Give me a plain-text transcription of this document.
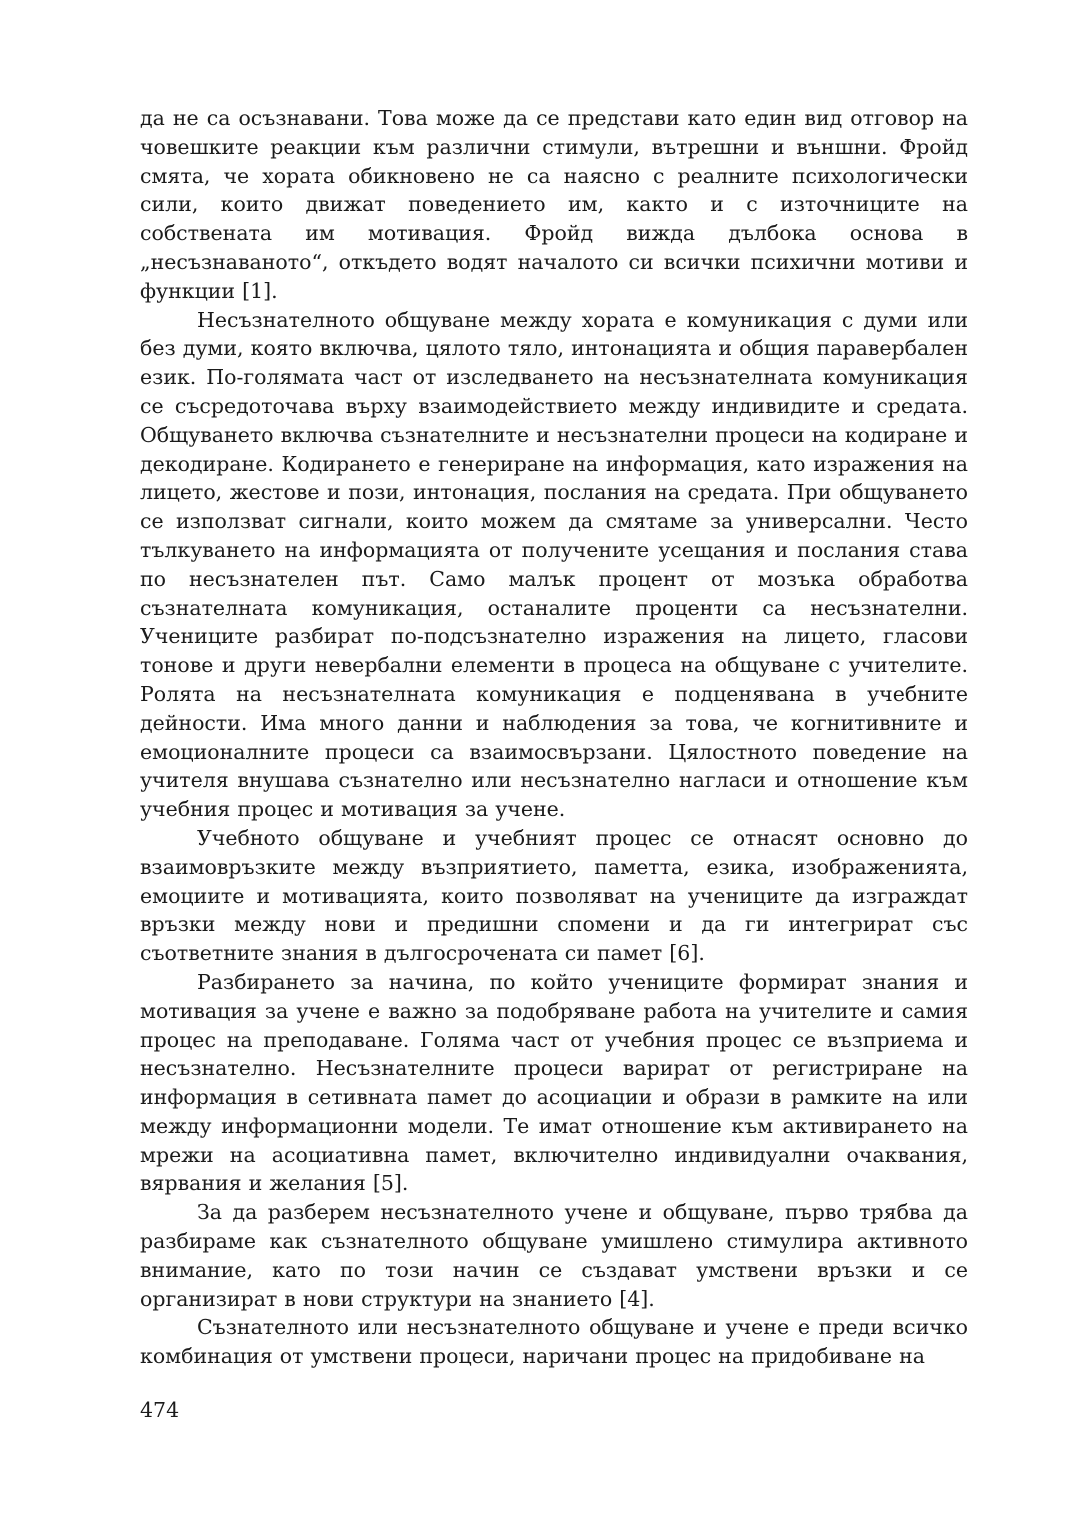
да не са осъзнавани. Това може да се представи като един вид отговор на човешките реакции към различни стимули, вътрешни и външни. Фройд смята, че хората обикновено не са наясно с реалните психологически сили, които движат поведението им, както и с източниците на собствената им мотивация. Фройд вижда дълбока основа в „несъзнаваното“, откъдето водят началото си всички психични мотиви и функции [1].

Несъзнателното общуване между хората е комуникация с думи или без думи, която включва, цялото тяло, интонацията и общия паравербален език. По-голямата част от изследването на несъзнателната комуникация се съсредоточава върху взаимодействието между индивидите и средата. Общуването включва съзнателните и несъзнателни процеси на кодиране и декодиране. Кодирането е генериране на информация, като изражения на лицето, жестове и пози, интонация, послания на средата. При общуването се използват сигнали, които можем да смятаме за универсални. Често тълкуването на информацията от получените усещания и послания става по несъзнателен път. Само малък процент от мозъка обработва съзнателната комуникация, останалите проценти са несъзнателни. Учениците разбират по-подсъзнателно изражения на лицето, гласови тонове и други невербални елементи в процеса на общуване с учителите. Ролята на несъзнателната комуникация е подценявана в учебните дейности. Има много данни и наблюдения за това, че когнитивните и емоционалните процеси са взаимосвързани. Цялостното поведение на учителя внушава съзнателно или несъзнателно нагласи и отношение към учебния процес и мотивация за учене.

Учебното общуване и учебният процес се отнасят основно до взаимовръзките между възприятието, паметта, езика, изображенията, емоциите и мотивацията, които позволяват на учениците да изграждат връзки между нови и предишни спомени и да ги интегрират със съответните знания в дългосрочената си памет [6].

Разбирането за начина, по който учениците формират знания и мотивация за учене е важно за подобряване работа на учителите и самия процес на преподаване. Голяма част от учебния процес се възприема и несъзнателно. Несъзнателните процеси варират от регистриране на информация в сетивната памет до асоциации и образи в рамките на или между информационни модели. Те имат отношение към активирането на мрежи на асоциативна памет, включително индивидуални очаквания, вярвания и желания [5].

За да разберем несъзнателното учене и общуване, първо трябва да разбираме как съзнателното общуване умишлено стимулира активното внимание, като по този начин се създават умствени връзки и се организират в нови структури на знанието [4].

Съзнателното или несъзнателното общуване и учене е преди всичко комбинация от умствени процеси, наричани процес на придобиване на

474
